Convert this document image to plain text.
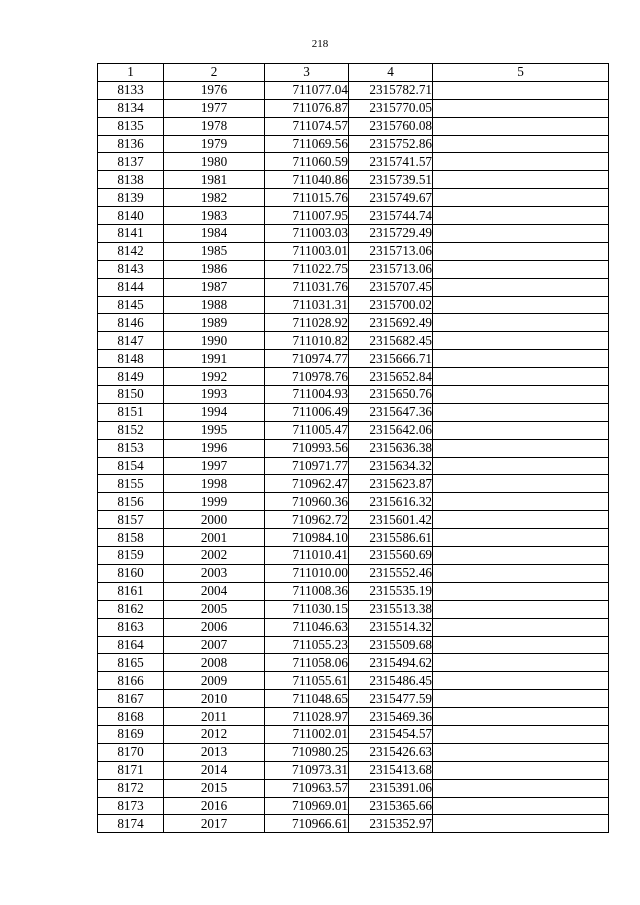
218
1	2	3	4	5
8133	1976	711077.04	2315782.71	
8134	1977	711076.87	2315770.05	
8135	1978	711074.57	2315760.08	
8136	1979	711069.56	2315752.86	
8137	1980	711060.59	2315741.57	
8138	1981	711040.86	2315739.51	
8139	1982	711015.76	2315749.67	
8140	1983	711007.95	2315744.74	
8141	1984	711003.03	2315729.49	
8142	1985	711003.01	2315713.06	
8143	1986	711022.75	2315713.06	
8144	1987	711031.76	2315707.45	
8145	1988	711031.31	2315700.02	
8146	1989	711028.92	2315692.49	
8147	1990	711010.82	2315682.45	
8148	1991	710974.77	2315666.71	
8149	1992	710978.76	2315652.84	
8150	1993	711004.93	2315650.76	
8151	1994	711006.49	2315647.36	
8152	1995	711005.47	2315642.06	
8153	1996	710993.56	2315636.38	
8154	1997	710971.77	2315634.32	
8155	1998	710962.47	2315623.87	
8156	1999	710960.36	2315616.32	
8157	2000	710962.72	2315601.42	
8158	2001	710984.10	2315586.61	
8159	2002	711010.41	2315560.69	
8160	2003	711010.00	2315552.46	
8161	2004	711008.36	2315535.19	
8162	2005	711030.15	2315513.38	
8163	2006	711046.63	2315514.32	
8164	2007	711055.23	2315509.68	
8165	2008	711058.06	2315494.62	
8166	2009	711055.61	2315486.45	
8167	2010	711048.65	2315477.59	
8168	2011	711028.97	2315469.36	
8169	2012	711002.01	2315454.57	
8170	2013	710980.25	2315426.63	
8171	2014	710973.31	2315413.68	
8172	2015	710963.57	2315391.06	
8173	2016	710969.01	2315365.66	
8174	2017	710966.61	2315352.97	
